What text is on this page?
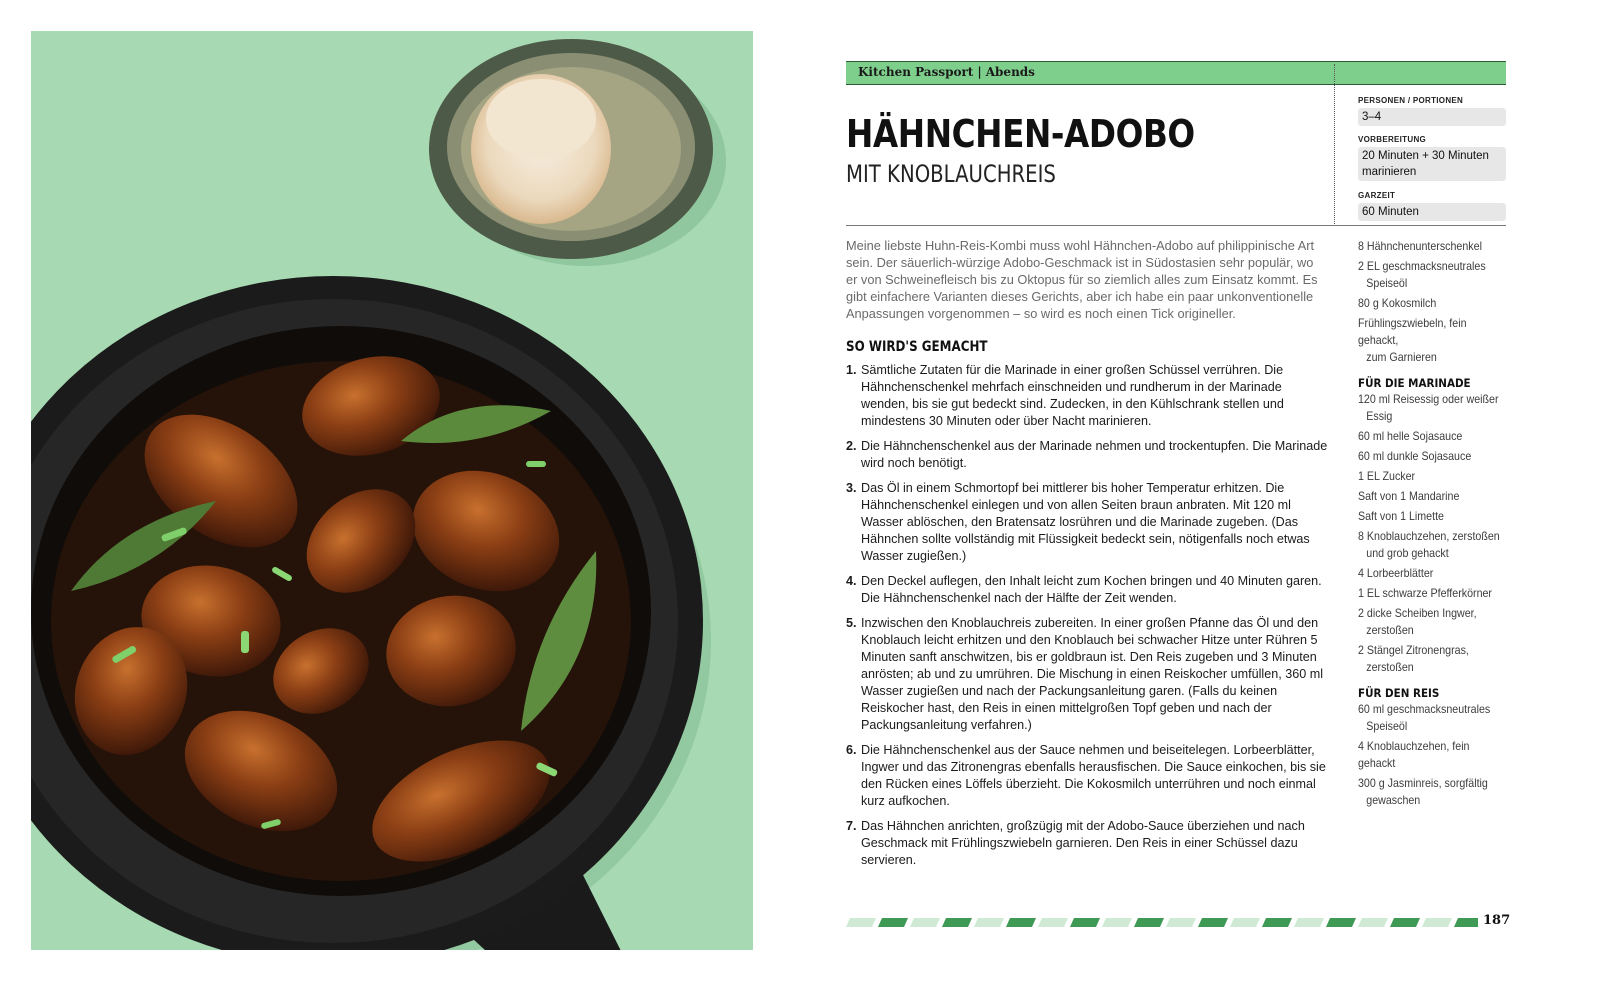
Kitchen Passport | Abends
HÄHNCHEN-ADOBO
MIT KNOBLAUCHREIS
PERSONEN / PORTIONEN
3–4
VORBEREITUNG
20 Minuten + 30 Minuten marinieren
GARZEIT
60 Minuten
Meine liebste Huhn-Reis-Kombi muss wohl Hähnchen-Adobo auf philippinische Art sein. Der säuerlich-würzige Adobo-Geschmack ist in Südostasien sehr populär, wo er von Schweinefleisch bis zu Oktopus für so ziemlich alles zum Einsatz kommt. Es gibt einfachere Varianten dieses Gerichts, aber ich habe ein paar unkonventionelle Anpassungen vorgenommen – so wird es noch einen Tick origineller.
SO WIRD'S GEMACHT
1. Sämtliche Zutaten für die Marinade in einer großen Schüssel verrühren. Die Hähnchenschenkel mehrfach einschneiden und rundherum in der Marinade wenden, bis sie gut bedeckt sind. Zudecken, in den Kühlschrank stellen und mindestens 30 Minuten oder über Nacht marinieren.
2. Die Hähnchenschenkel aus der Marinade nehmen und trockentupfen. Die Marinade wird noch benötigt.
3. Das Öl in einem Schmortopf bei mittlerer bis hoher Temperatur erhitzen. Die Hähnchenschenkel einlegen und von allen Seiten braun anbraten. Mit 120 ml Wasser ablöschen, den Bratensatz losrühren und die Marinade zugeben. (Das Hähnchen sollte vollständig mit Flüssigkeit bedeckt sein, nötigenfalls noch etwas Wasser zugießen.)
4. Den Deckel auflegen, den Inhalt leicht zum Kochen bringen und 40 Minuten garen. Die Hähnchenschenkel nach der Hälfte der Zeit wenden.
5. Inzwischen den Knoblauchreis zubereiten. In einer großen Pfanne das Öl und den Knoblauch leicht erhitzen und den Knoblauch bei schwacher Hitze unter Rühren 5 Minuten sanft anschwitzen, bis er goldbraun ist. Den Reis zugeben und 3 Minuten anrösten; ab und zu umrühren. Die Mischung in einen Reiskocher umfüllen, 360 ml Wasser zugießen und nach der Packungsanleitung garen. (Falls du keinen Reiskocher hast, den Reis in einen mittelgroßen Topf geben und nach der Packungsanleitung verfahren.)
6. Die Hähnchenschenkel aus der Sauce nehmen und beiseitelegen. Lorbeerblätter, Ingwer und das Zitronengras ebenfalls herausfischen. Die Sauce einkochen, bis sie den Rücken eines Löffels überzieht. Die Kokosmilch unterrühren und noch einmal kurz aufkochen.
7. Das Hähnchen anrichten, großzügig mit der Adobo-Sauce überziehen und nach Geschmack mit Frühlingszwiebeln garnieren. Den Reis in einer Schüssel dazu servieren.
8 Hähnchenunterschenkel
2 EL geschmacksneutrales
Speiseöl
80 g Kokosmilch
Frühlingszwiebeln, fein gehackt,
zum Garnieren
FÜR DIE MARINADE
120 ml Reisessig oder weißer
Essig
60 ml helle Sojasauce
60 ml dunkle Sojasauce
1 EL Zucker
Saft von 1 Mandarine
Saft von 1 Limette
8 Knoblauchzehen, zerstoßen
und grob gehackt
4 Lorbeerblätter
1 EL schwarze Pfefferkörner
2 dicke Scheiben Ingwer,
zerstoßen
2 Stängel Zitronengras,
zerstoßen
FÜR DEN REIS
60 ml geschmacksneutrales
Speiseöl
4 Knoblauchzehen, fein gehackt
300 g Jasminreis, sorgfältig
gewaschen
187
